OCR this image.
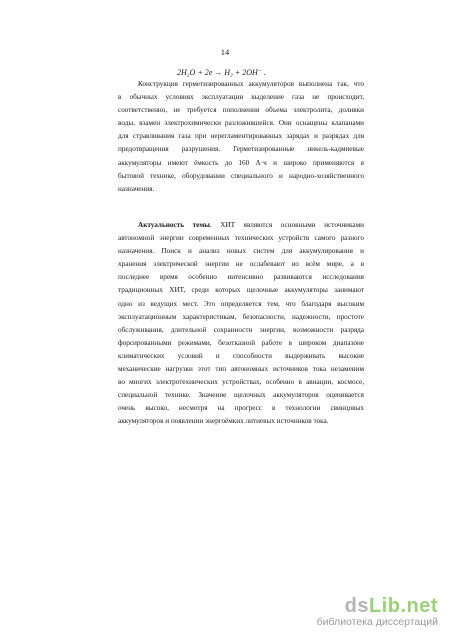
14
2H₂O + 2e → H₂ + 2OH⁻ .
Конструкция герметизированных аккумуляторов выполнена так, что
в обычных условиях эксплуатации выделение газа не происходит,
соответственно, не требуется пополнения объема электролита, доливки
воды, взамен электрохимически разложившейся. Они оснащены клапанами
для стравливания газа при нерегламентированных зарядах и разрядах для
предотвращения разрушения. Герметизированные никель-кадмиевые
аккумуляторы имеют ёмкость до 160 А·ч и широко применяются в
бытовой технике, оборудовании специального и народно-хозяйственного
назначения.
Актуальность темы. ХИТ являются основными источниками
автономной энергии современных технических устройств самого разного
назначения. Поиск и анализ новых систем для аккумулирования и
хранения электрической энергии не ослабевают во всём мире, а в
последнее время особенно интенсивно развиваются исследования
традиционных ХИТ, среди которых щелочные аккумуляторы занимают
одно из ведущих мест. Это определяется тем, что благодаря высоким
эксплуатационным характеристикам, безопасности, надежности, простоте
обслуживания, длительной сохранности энергии, возможности разряда
форсированными режимами, безотказной работе в широком диапазоне
климатических условий и способности выдерживать высокие
механические нагрузки этот тип автономных источников тока незаменим
во многих электротехнических устройствах, особенно в авиации, космосе,
специальной технике. Значение щелочных аккумуляторов оценивается
очень высоко, несмотря на прогресс в технологии свинцовых
аккумуляторов и появлении энергоёмких литиевых источников тока.
dsLib.net
библиотека диссертаций
